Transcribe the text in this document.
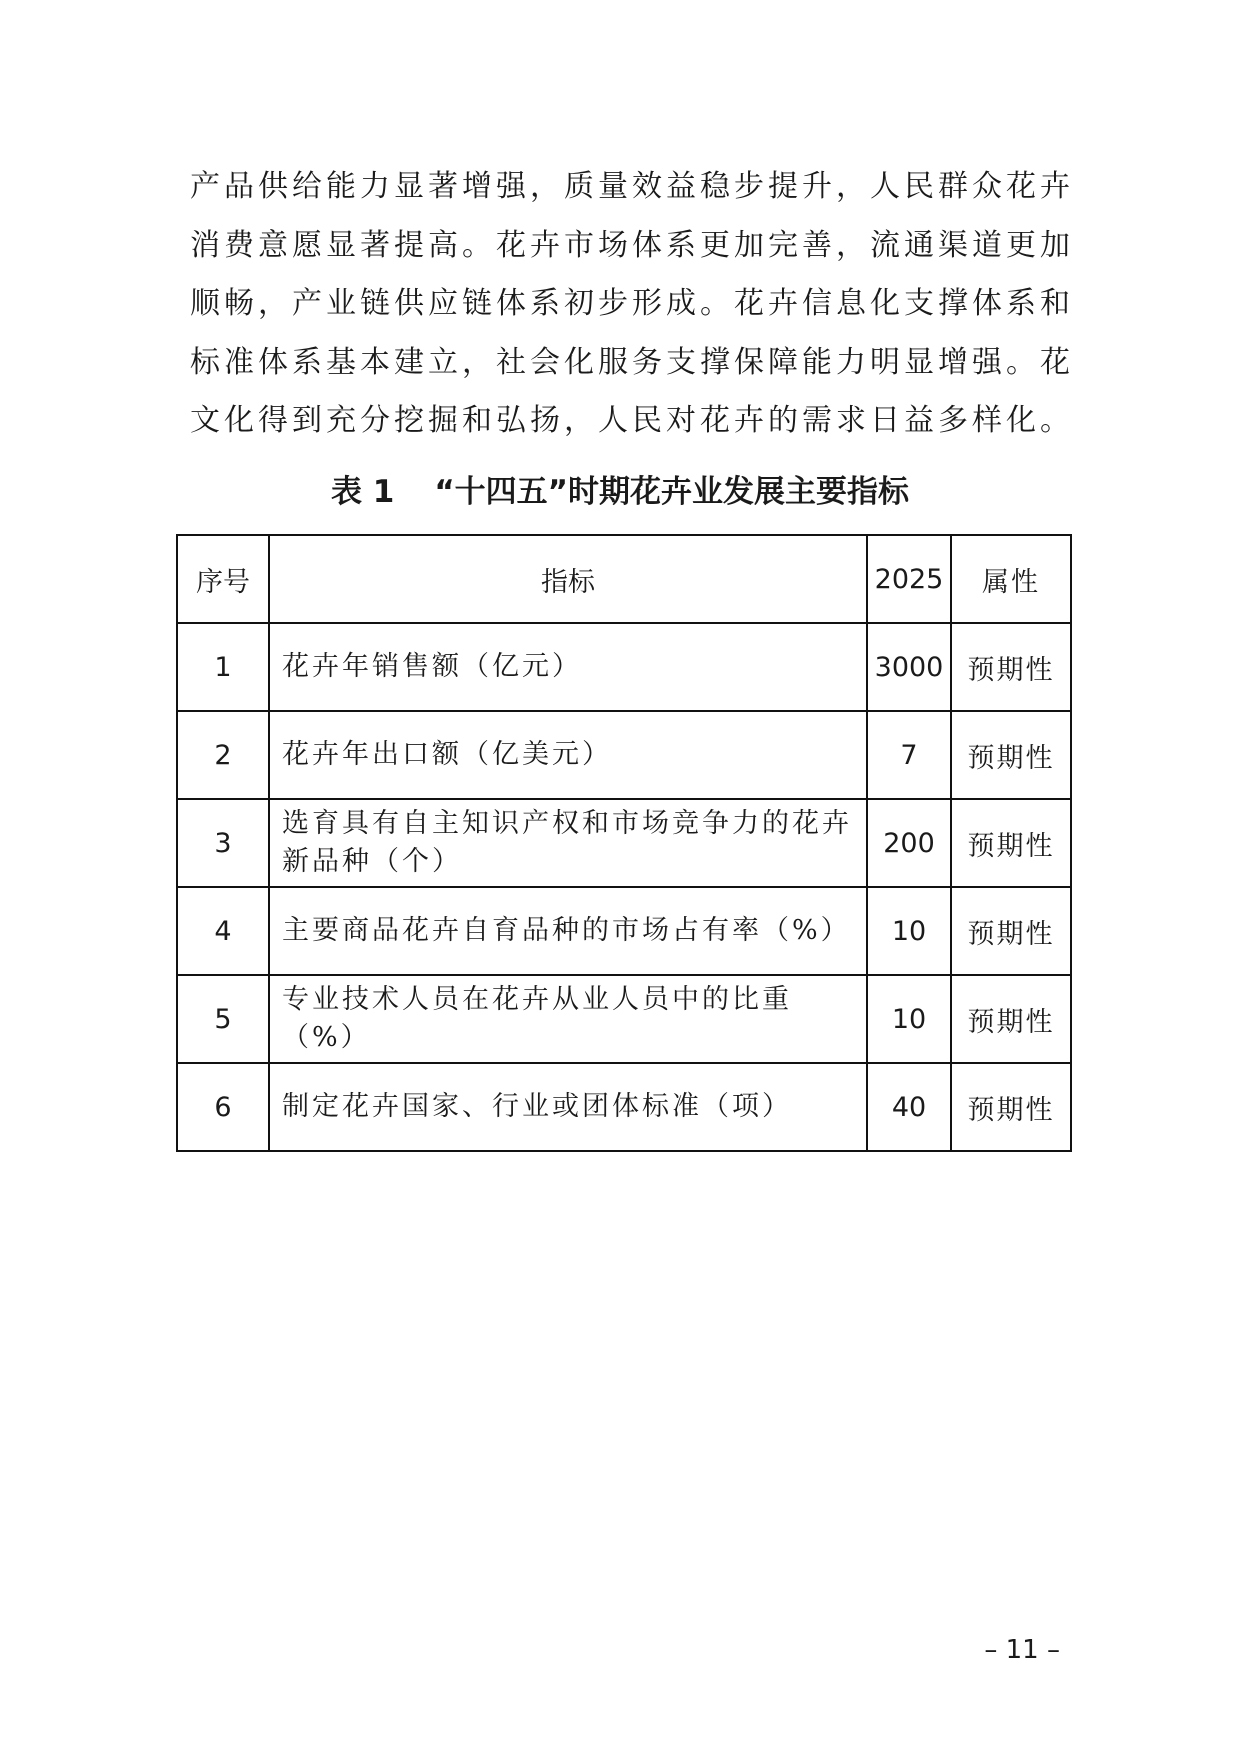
产品供给能力显著增强，质量效益稳步提升，人民群众花卉
消费意愿显著提高。花卉市场体系更加完善，流通渠道更加
顺畅，产业链供应链体系初步形成。花卉信息化支撑体系和
标准体系基本建立，社会化服务支撑保障能力明显增强。花
文化得到充分挖掘和弘扬，人民对花卉的需求日益多样化。
表 1 “十四五”时期花卉业发展主要指标
序号	指标	2025	属性
1	花卉年销售额（亿元）	3000	预期性
2	花卉年出口额（亿美元）	7	预期性
3	选育具有自主知识产权和市场竞争力的花卉新品种（个）	200	预期性
4	主要商品花卉自育品种的市场占有率（%）	10	预期性
5	专业技术人员在花卉从业人员中的比重（%）	10	预期性
6	制定花卉国家、行业或团体标准（项）	40	预期性
– 11 –
